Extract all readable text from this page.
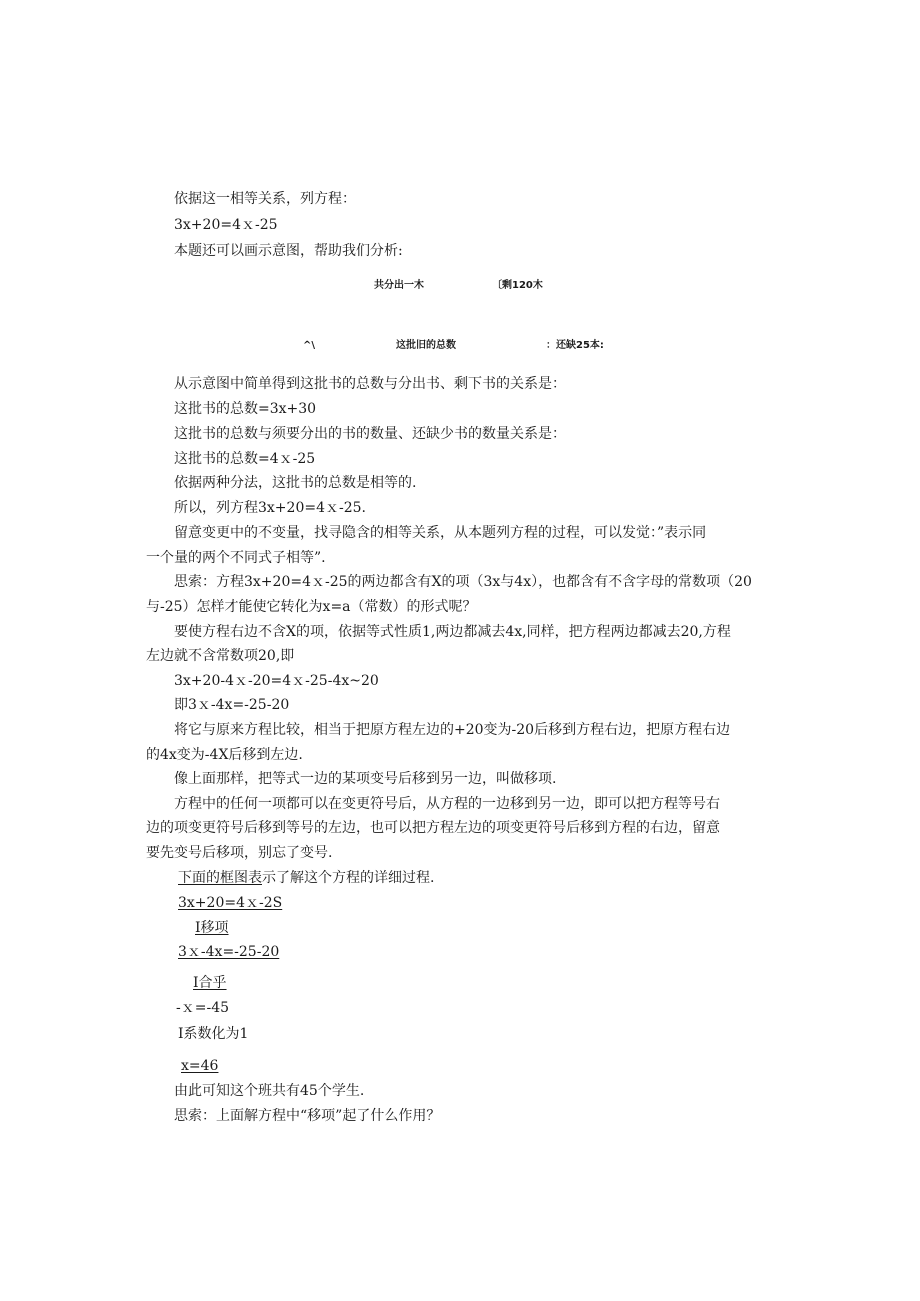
依据这一相等关系，列方程：
3x+20=4ｘ-25
本题还可以画示意图，帮助我们分析:
共分出一木	〔剩120木
^\	这批旧的总数	：还缺25本:
从示意图中简单得到这批书的总数与分出书、剩下书的关系是：
这批书的总数=3x+30
这批书的总数与须要分出的书的数量、还缺少书的数量关系是：
这批书的总数=4ｘ-25
依据两种分法，这批书的总数是相等的.
所以，列方程3x+20=4ｘ-25.
留意变更中的不变量，找寻隐含的相等关系，从本题列方程的过程，可以发觉：”表示同
一个量的两个不同式子相等”.
思索：方程3x+20=4ｘ-25的两边都含有X的项（3x与4x），也都含有不含字母的常数项（20
与-25）怎样才能使它转化为x=a（常数）的形式呢？
要使方程右边不含X的项，依据等式性质1,两边都减去4x,同样，把方程两边都减去20,方程
左边就不含常数项20,即
3x+20-4ｘ-20=4ｘ-25-4x~20
即3ｘ-4x=-25-20
将它与原来方程比较，相当于把原方程左边的+20变为-20后移到方程右边，把原方程右边
的4x变为-4X后移到左边.
像上面那样，把等式一边的某项变号后移到另一边，叫做移项.
方程中的任何一项都可以在变更符号后，从方程的一边移到另一边，即可以把方程等号右
边的项变更符号后移到等号的左边，也可以把方程左边的项变更符号后移到方程的右边，留意
要先变号后移项，别忘了变号.
下面的框图表示了解这个方程的详细过程.
3x+20=4ｘ-2S
I移项
3ｘ-4x=-25-20
I合乎
-ｘ=-45
I系数化为1
x=46
由此可知这个班共有45个学生.
思索：上面解方程中“移项”起了什么作用？
